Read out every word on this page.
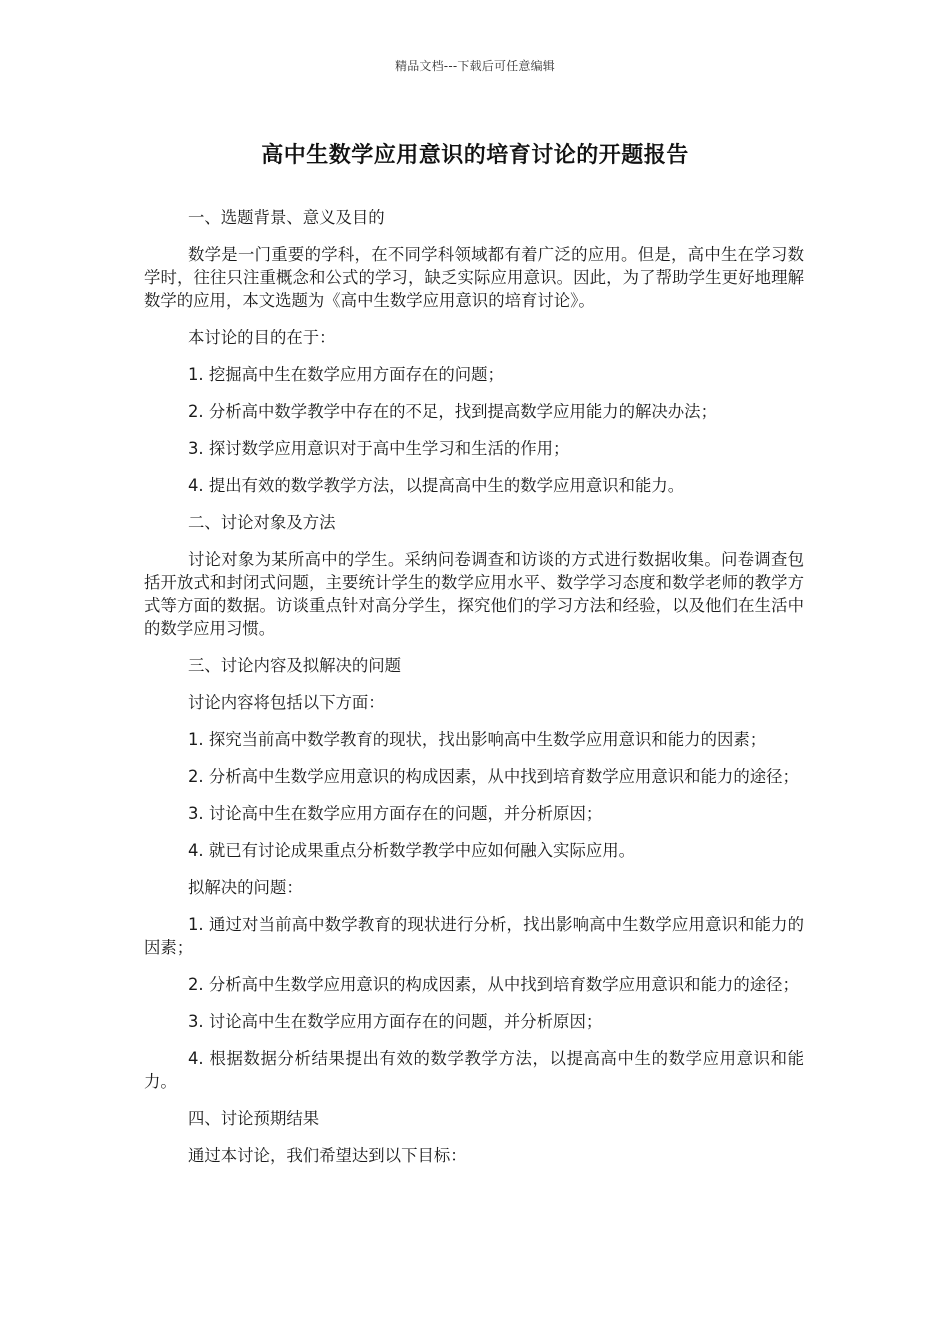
精品文档---下载后可任意编辑
高中生数学应用意识的培育讨论的开题报告

一、选题背景、意义及目的

数学是一门重要的学科，在不同学科领域都有着广泛的应用。但是，高中生在学习数学时，往往只注重概念和公式的学习，缺乏实际应用意识。因此，为了帮助学生更好地理解数学的应用，本文选题为《高中生数学应用意识的培育讨论》。

本讨论的目的在于：

1. 挖掘高中生在数学应用方面存在的问题；

2. 分析高中数学教学中存在的不足，找到提高数学应用能力的解决办法；

3. 探讨数学应用意识对于高中生学习和生活的作用；

4. 提出有效的数学教学方法，以提高高中生的数学应用意识和能力。

二、讨论对象及方法

讨论对象为某所高中的学生。采纳问卷调查和访谈的方式进行数据收集。问卷调查包括开放式和封闭式问题，主要统计学生的数学应用水平、数学学习态度和数学老师的教学方式等方面的数据。访谈重点针对高分学生，探究他们的学习方法和经验，以及他们在生活中的数学应用习惯。

三、讨论内容及拟解决的问题

讨论内容将包括以下方面：

1. 探究当前高中数学教育的现状，找出影响高中生数学应用意识和能力的因素；

2. 分析高中生数学应用意识的构成因素，从中找到培育数学应用意识和能力的途径；

3. 讨论高中生在数学应用方面存在的问题，并分析原因；

4. 就已有讨论成果重点分析数学教学中应如何融入实际应用。

拟解决的问题：

1. 通过对当前高中数学教育的现状进行分析，找出影响高中生数学应用意识和能力的因素；

2. 分析高中生数学应用意识的构成因素，从中找到培育数学应用意识和能力的途径；

3. 讨论高中生在数学应用方面存在的问题，并分析原因；

4. 根据数据分析结果提出有效的数学教学方法，以提高高中生的数学应用意识和能力。

四、讨论预期结果

通过本讨论，我们希望达到以下目标：
